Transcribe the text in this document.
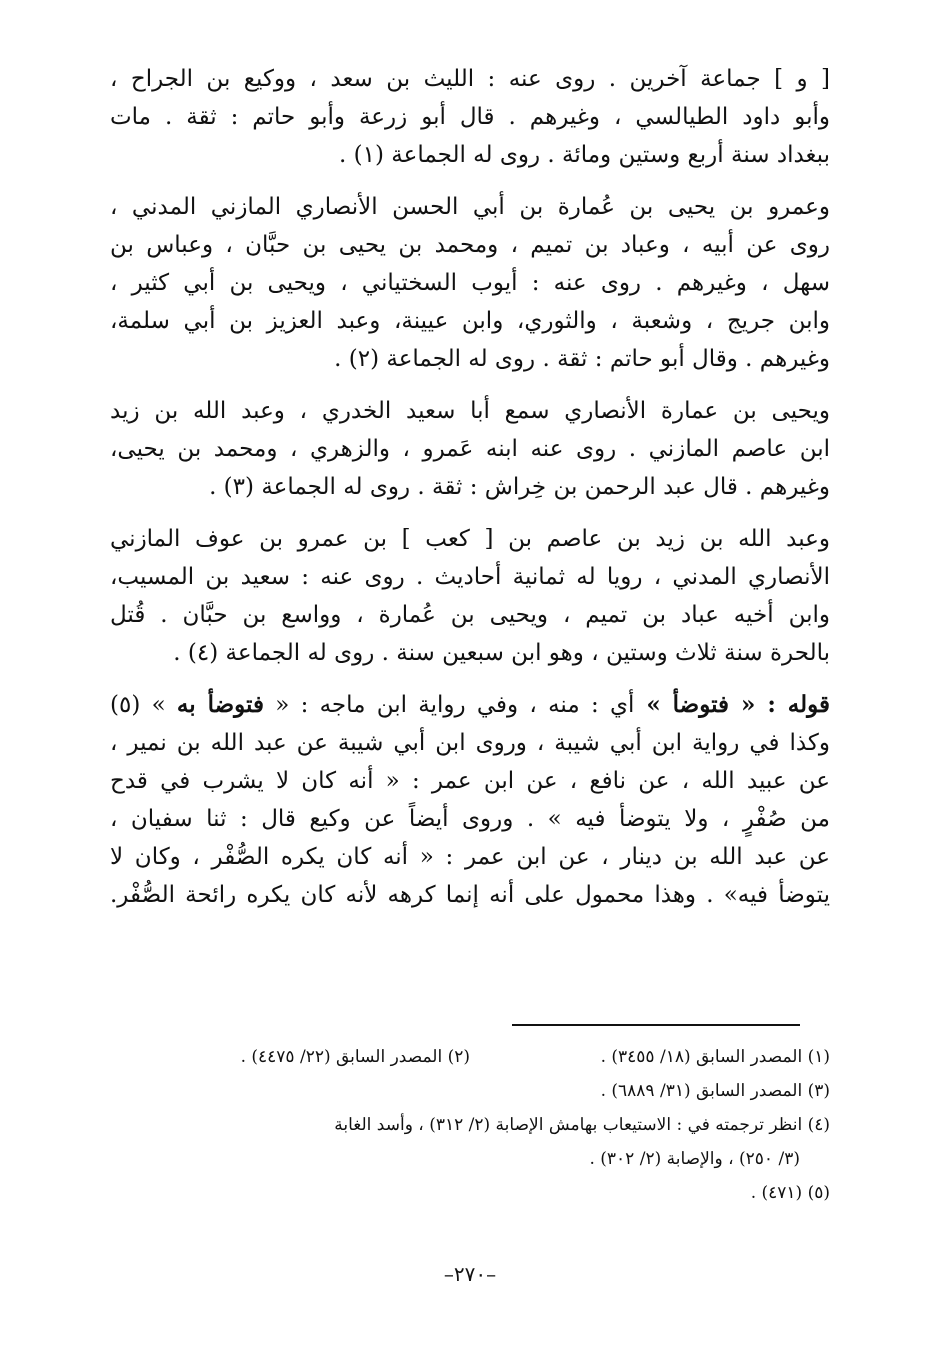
[ و ] جماعة آخرين . روى عنه : الليث بن سعد ، ووكيع بن الجراح ،
وأبو داود الطيالسي ، وغيرهم . قال أبو زرعة وأبو حاتم : ثقة . مات
ببغداد سنة أربع وستين ومائة . روى له الجماعة (١) .

وعمرو بن يحيى بن عُمارة بن أبي الحسن الأنصاري المازني المدني ،
روى عن أبيه ، وعباد بن تميم ، ومحمد بن يحيى بن حبَّان ، وعباس بن
سهل ، وغيرهم . روى عنه : أيوب السختياني ، ويحيى بن أبي كثير ،
وابن جريج ، وشعبة ، والثوري، وابن عيينة، وعبد العزيز بن أبي سلمة،
وغيرهم . وقال أبو حاتم : ثقة . روى له الجماعة (٢) .

ويحيى بن عمارة الأنصاري سمع أبا سعيد الخدري ، وعبد الله بن زيد
ابن عاصم المازني . روى عنه ابنه عَمرو ، والزهري ، ومحمد بن يحيى،
وغيرهم . قال عبد الرحمن بن خِراش : ثقة . روى له الجماعة (٣) .

وعبد الله بن زيد بن عاصم بن [ كعب ] بن عمرو بن عوف المازني
الأنصاري المدني ، رويا له ثمانية أحاديث . روى عنه : سعيد بن المسيب،
وابن أخيه عباد بن تميم ، ويحيى بن عُمارة ، وواسع بن حبَّان . قُتل
بالحرة سنة ثلاث وستين ، وهو ابن سبعين سنة . روى له الجماعة (٤) .

قوله : « فتوضأ » أي : منه ، وفي رواية ابن ماجه : « فتوضأ به » (٥)
وكذا في رواية ابن أبي شيبة ، وروى ابن أبي شيبة عن عبد الله بن نمير ،
عن عبيد الله ، عن نافع ، عن ابن عمر : « أنه كان لا يشرب في قدح
من صُفْرٍ ، ولا يتوضأ فيه » . وروى أيضاً عن وكيع قال : ثنا سفيان ،
عن عبد الله بن دينار ، عن ابن عمر : « أنه كان يكره الصُّفْر ، وكان لا
يتوضأ فيه» . وهذا محمول على أنه إنما كرهه لأنه كان يكره رائحة الصُّفْر.

(١) المصدر السابق (١٨/ ٣٤٥٥) .(٢) المصدر السابق (٢٢/ ٤٤٧٥) .
(٣) المصدر السابق (٣١/ ٦٨٨٩) .
(٤) انظر ترجمته في : الاستيعاب بهامش الإصابة (٢/ ٣١٢) ، وأسد الغابة
(٣/ ٢٥٠) ، والإصابة (٢/ ٣٠٢) .
(٥) (٤٧١) .
–٢٧٠–
